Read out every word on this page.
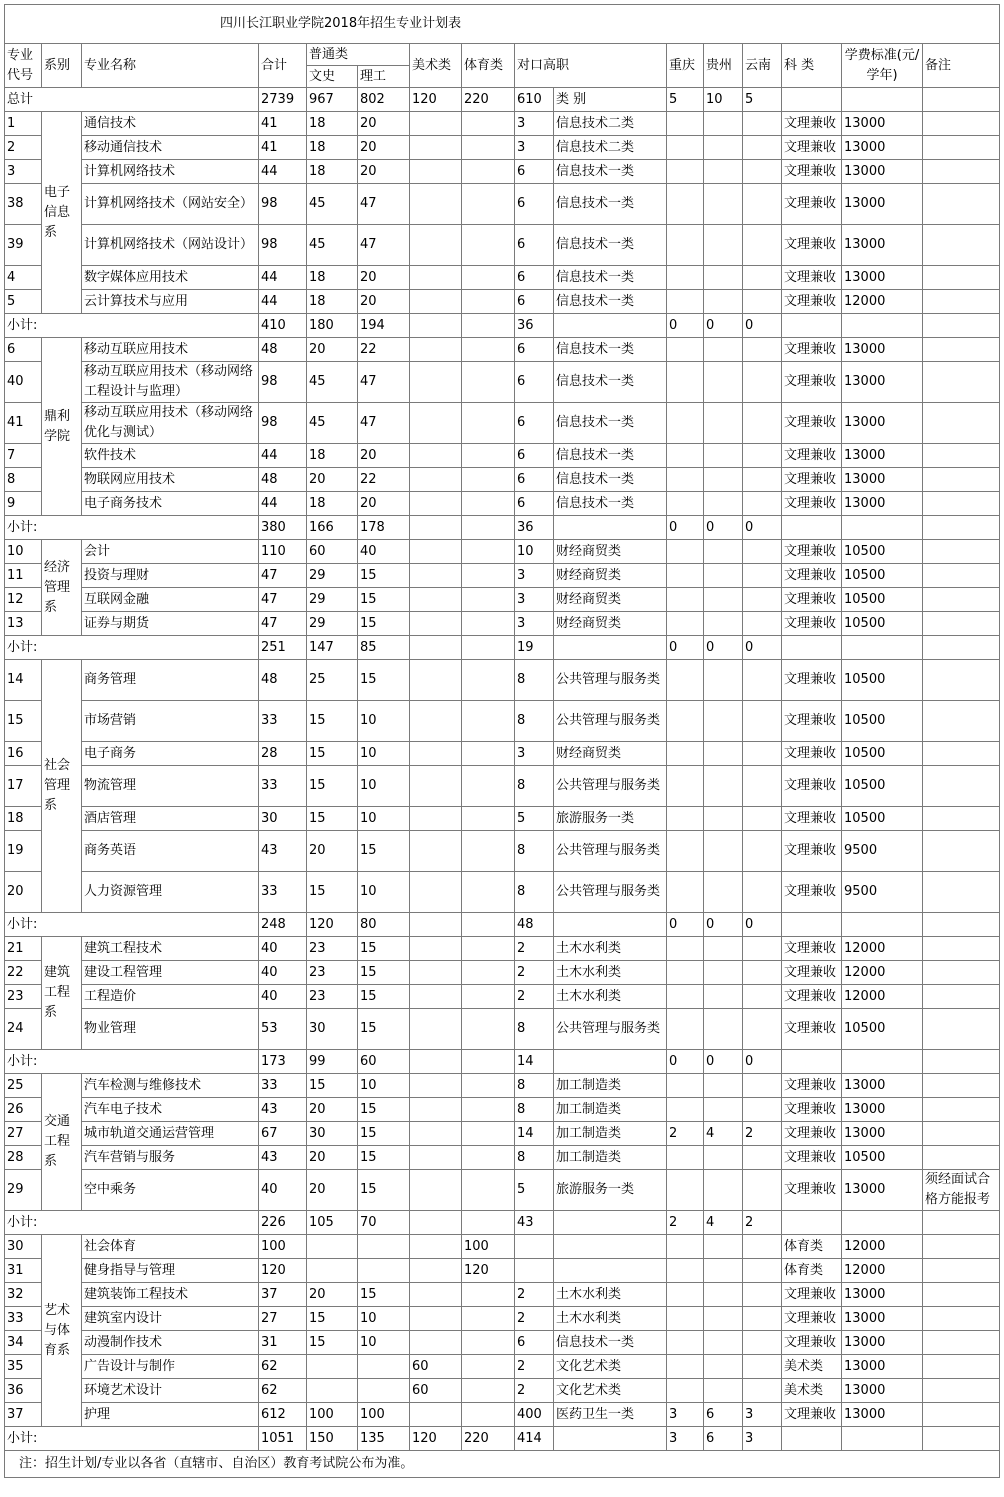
四川长江职业学院2018年招生专业计划表															
专业代号	系别	专业名称	合计	普通类		美术类	体育类	对口高职		重庆	贵州	云南	科 类	学费标准(元/学年)	备注
				文史	理工										
总计			2739	967	802	120	220	610	类 别	5	10	5			
1	电子信息系	通信技术	41	18	20			3	信息技术二类				文理兼收	13000	
2		移动通信技术	41	18	20			3	信息技术二类				文理兼收	13000	
3		计算机网络技术	44	18	20			6	信息技术一类				文理兼收	13000	
38		计算机网络技术（网站安全）	98	45	47			6	信息技术一类				文理兼收	13000	
39		计算机网络技术（网站设计）	98	45	47			6	信息技术一类				文理兼收	13000	
4		数字媒体应用技术	44	18	20			6	信息技术一类				文理兼收	13000	
5		云计算技术与应用	44	18	20			6	信息技术一类				文理兼收	12000	
小计:			410	180	194			36		0	0	0			
6	鼎利学院	移动互联应用技术	48	20	22			6	信息技术一类				文理兼收	13000	
40		移动互联应用技术（移动网络工程设计与监理）	98	45	47			6	信息技术一类				文理兼收	13000	
41		移动互联应用技术（移动网络优化与测试）	98	45	47			6	信息技术一类				文理兼收	13000	
7		软件技术	44	18	20			6	信息技术一类				文理兼收	13000	
8		物联网应用技术	48	20	22			6	信息技术一类				文理兼收	13000	
9		电子商务技术	44	18	20			6	信息技术一类				文理兼收	13000	
小计:			380	166	178			36		0	0	0			
10	经济管理系	会计	110	60	40			10	财经商贸类				文理兼收	10500	
11		投资与理财	47	29	15			3	财经商贸类				文理兼收	10500	
12		互联网金融	47	29	15			3	财经商贸类				文理兼收	10500	
13		证券与期货	47	29	15			3	财经商贸类				文理兼收	10500	
小计:			251	147	85			19		0	0	0			
14	社会管理系	商务管理	48	25	15			8	公共管理与服务类				文理兼收	10500	
15		市场营销	33	15	10			8	公共管理与服务类				文理兼收	10500	
16		电子商务	28	15	10			3	财经商贸类				文理兼收	10500	
17		物流管理	33	15	10			8	公共管理与服务类				文理兼收	10500	
18		酒店管理	30	15	10			5	旅游服务一类				文理兼收	10500	
19		商务英语	43	20	15			8	公共管理与服务类				文理兼收	9500	
20		人力资源管理	33	15	10			8	公共管理与服务类				文理兼收	9500	
小计:			248	120	80			48		0	0	0			
21	建筑工程系	建筑工程技术	40	23	15			2	土木水利类				文理兼收	12000	
22		建设工程管理	40	23	15			2	土木水利类				文理兼收	12000	
23		工程造价	40	23	15			2	土木水利类				文理兼收	12000	
24		物业管理	53	30	15			8	公共管理与服务类				文理兼收	10500	
小计:			173	99	60			14		0	0	0			
25	交通工程系	汽车检测与维修技术	33	15	10			8	加工制造类				文理兼收	13000	
26		汽车电子技术	43	20	15			8	加工制造类				文理兼收	13000	
27		城市轨道交通运营管理	67	30	15			14	加工制造类	2	4	2	文理兼收	13000	
28		汽车营销与服务	43	20	15			8	加工制造类				文理兼收	10500	
29		空中乘务	40	20	15			5	旅游服务一类				文理兼收	13000	须经面试合格方能报考
小计:			226	105	70			43		2	4	2			
30	艺术与体育系	社会体育	100				100						体育类	12000	
31		健身指导与管理	120				120						体育类	12000	
32		建筑装饰工程技术	37	20	15			2	土木水利类				文理兼收	13000	
33		建筑室内设计	27	15	10			2	土木水利类				文理兼收	13000	
34		动漫制作技术	31	15	10			6	信息技术一类				文理兼收	13000	
35		广告设计与制作	62			60		2	文化艺术类				美术类	13000	
36		环境艺术设计	62			60		2	文化艺术类				美术类	13000	
37		护理	612	100	100			400	医药卫生一类	3	6	3	文理兼收	13000	
小计:			1051	150	135	120	220	414		3	6	3			
注：招生计划/专业以各省（直辖市、自治区）教育考试院公布为准。															
